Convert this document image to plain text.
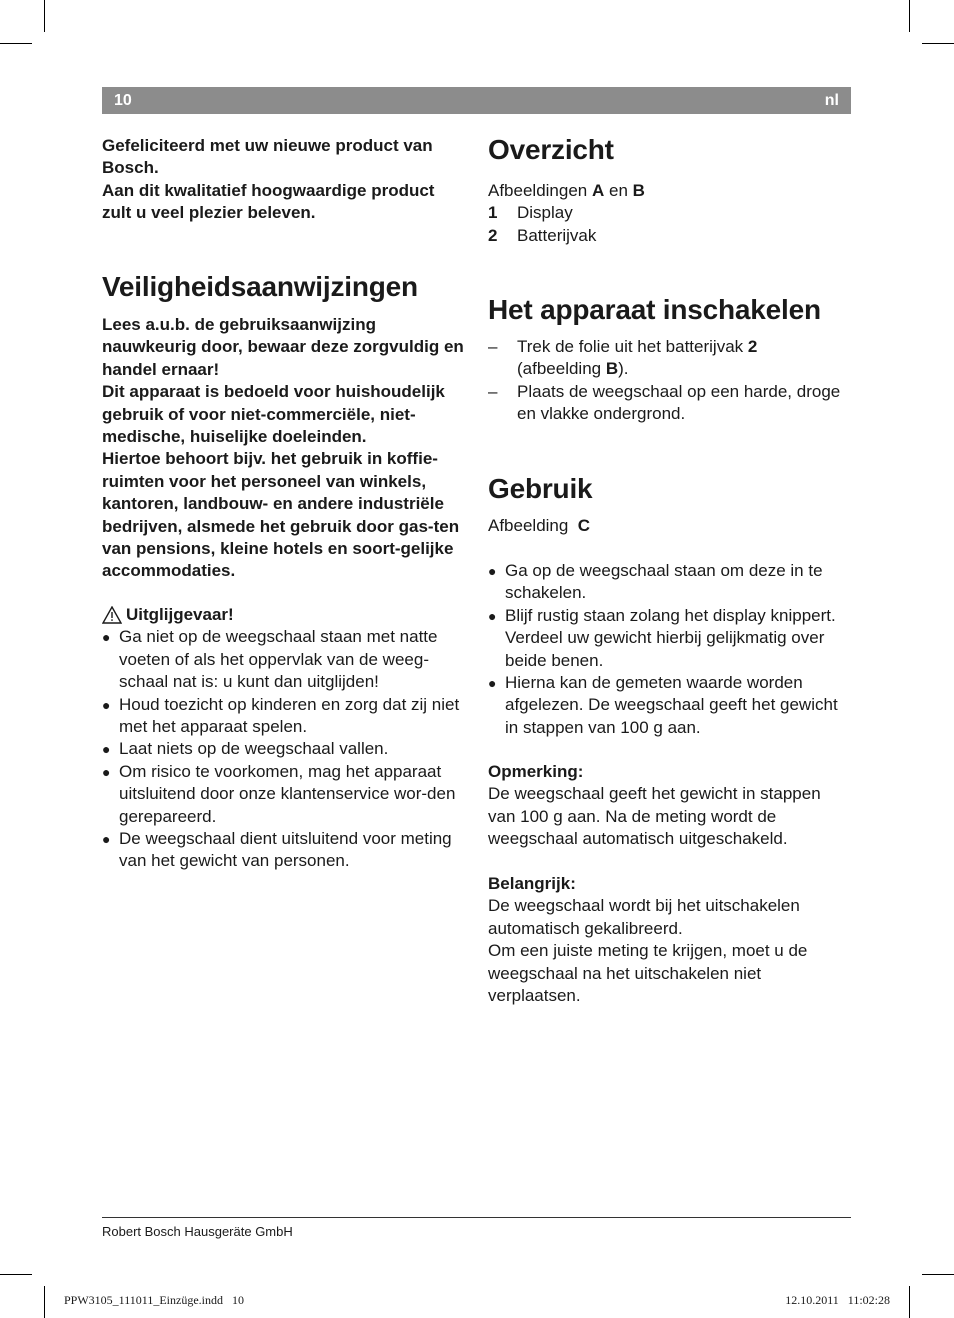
10	nl

Gefeliciteerd met uw nieuwe product van Bosch.

Aan dit kwalitatief hoogwaardige product zult u veel plezier beleven.

Veiligheidsaanwijzingen

Lees a.u.b. de gebruiksaanwijzing nauwkeurig door, bewaar deze zorgvuldig en handel ernaar!

Dit apparaat is bedoeld voor huishoudelijk gebruik of voor niet-commerciële, niet-medische, huiselijke doeleinden.

Hiertoe behoort bijv. het gebruik in koffie-ruimten voor het personeel van winkels, kantoren, landbouw- en andere industriële bedrijven, alsmede het gebruik door gas-ten van pensions, kleine hotels en soort-gelijke accommodaties.

Uitglijgevaar!
● Ga niet op de weegschaal staan met natte voeten of als het oppervlak van de weeg-schaal nat is: u kunt dan uitglijden!
● Houd toezicht op kinderen en zorg dat zij niet met het apparaat spelen.
● Laat niets op de weegschaal vallen.
● Om risico te voorkomen, mag het apparaat uitsluitend door onze klantenservice wor-den gerepareerd.
● De weegschaal dient uitsluitend voor meting van het gewicht van personen.
Overzicht

Afbeeldingen A en B

1	Display
2	Batterijvak
Het apparaat inschakelen
– Trek de folie uit het batterijvak 2
(afbeelding B).
– Plaats de weegschaal op een harde, droge en vlakke ondergrond.
Gebruik

Afbeelding C

● Ga op de weegschaal staan om deze in te schakelen.
● Blijf rustig staan zolang het display knippert. Verdeel uw gewicht hierbij gelijkmatig over beide benen.
● Hierna kan de gemeten waarde worden afgelezen. De weegschaal geeft het gewicht in stappen van 100 g aan.

Opmerking:

De weegschaal geeft het gewicht in stappen van 100 g aan. Na de meting wordt de weegschaal automatisch uitgeschakeld.

Belangrijk:

De weegschaal wordt bij het uitschakelen automatisch gekalibreerd.

Om een juiste meting te krijgen, moet u de weegschaal na het uitschakelen niet verplaatsen.

Robert Bosch Hausgeräte GmbH
PPW3105_111011_Einzüge.indd   10	12.10.2011   11:02:28
